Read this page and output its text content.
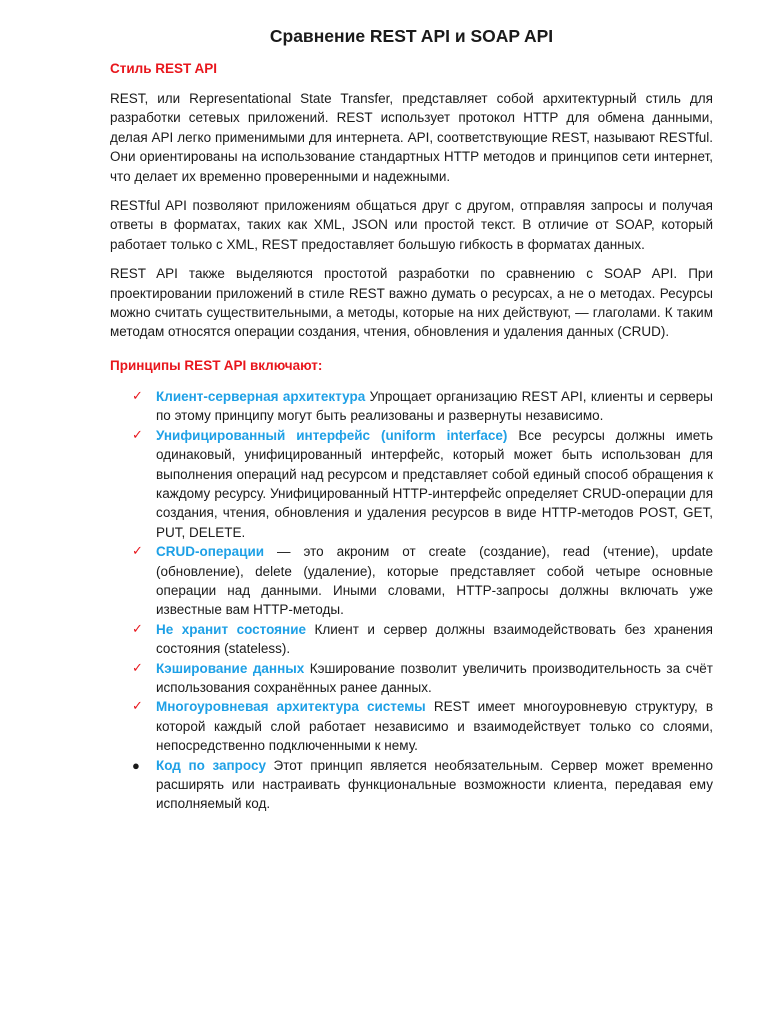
Сравнение REST API и SOAP API
Стиль REST API

REST, или Representational State Transfer, представляет собой архитектурный стиль для разработки сетевых приложений. REST использует протокол HTTP для обмена данными, делая API легко применимыми для интернета. API, соответствующие REST, называют RESTful. Они ориентированы на использование стандартных HTTP методов и принципов сети интернет, что делает их временно проверенными и надежными.

RESTful API позволяют приложениям общаться друг с другом, отправляя запросы и получая ответы в форматах, таких как XML, JSON или простой текст. В отличие от SOAP, который работает только с XML, REST предоставляет большую гибкость в форматах данных.

REST API также выделяются простотой разработки по сравнению с SOAP API. При проектировании приложений в стиле REST важно думать о ресурсах, а не о методах. Ресурсы можно считать существительными, а методы, которые на них действуют, — глаголами. К таким методам относятся операции создания, чтения, обновления и удаления данных (CRUD).

Принципы REST API включают:
✓ Клиент-серверная архитектура Упрощает организацию REST API, клиенты и серверы по этому принципу могут быть реализованы и развернуты независимо.
✓ Унифицированный интерфейс (uniform interface) Все ресурсы должны иметь одинаковый, унифицированный интерфейс, который может быть использован для выполнения операций над ресурсом и представляет собой единый способ обращения к каждому ресурсу. Унифицированный HTTP-интерфейс определяет CRUD-операции для создания, чтения, обновления и удаления ресурсов в виде HTTP-методов POST, GET, PUT, DELETE.
✓ CRUD-операции — это акроним от create (создание), read (чтение), update (обновление), delete (удаление), которые представляет собой четыре основные операции над данными. Иными словами, HTTP-запросы должны включать уже известные вам HTTP-методы.
✓ Не хранит состояние Клиент и сервер должны взаимодействовать без хранения состояния (stateless).
✓ Кэширование данных Кэширование позволит увеличить производительность за счёт использования сохранённых ранее данных.
✓ Многоуровневая архитектура системы REST имеет многоуровневую структуру, в которой каждый слой работает независимо и взаимодействует только со слоями, непосредственно подключенными к нему.
● Код по запросу Этот принцип является необязательным. Сервер может временно расширять или настраивать функциональные возможности клиента, передавая ему исполняемый код.
